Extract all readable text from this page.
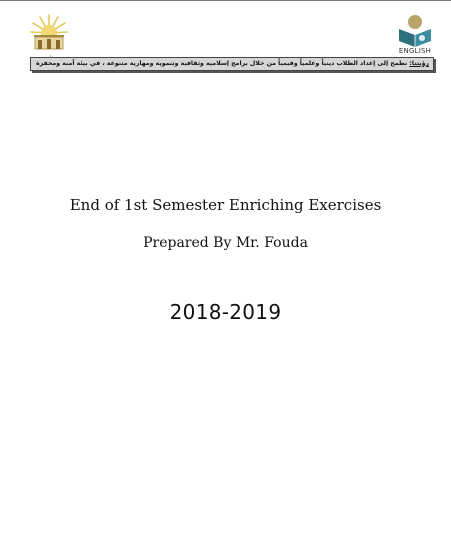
ENGLISH
رؤيتنا: نطمح إلى إعداد الطلاب دينياً وعلمياً وقيمياً من خلال برامج إسلامية وثقافية وتنموية ومهارية متنوعة ، في بيئة آمنة ومحفزة
End of 1st Semester Enriching Exercises
Prepared By Mr. Fouda
2018-2019
